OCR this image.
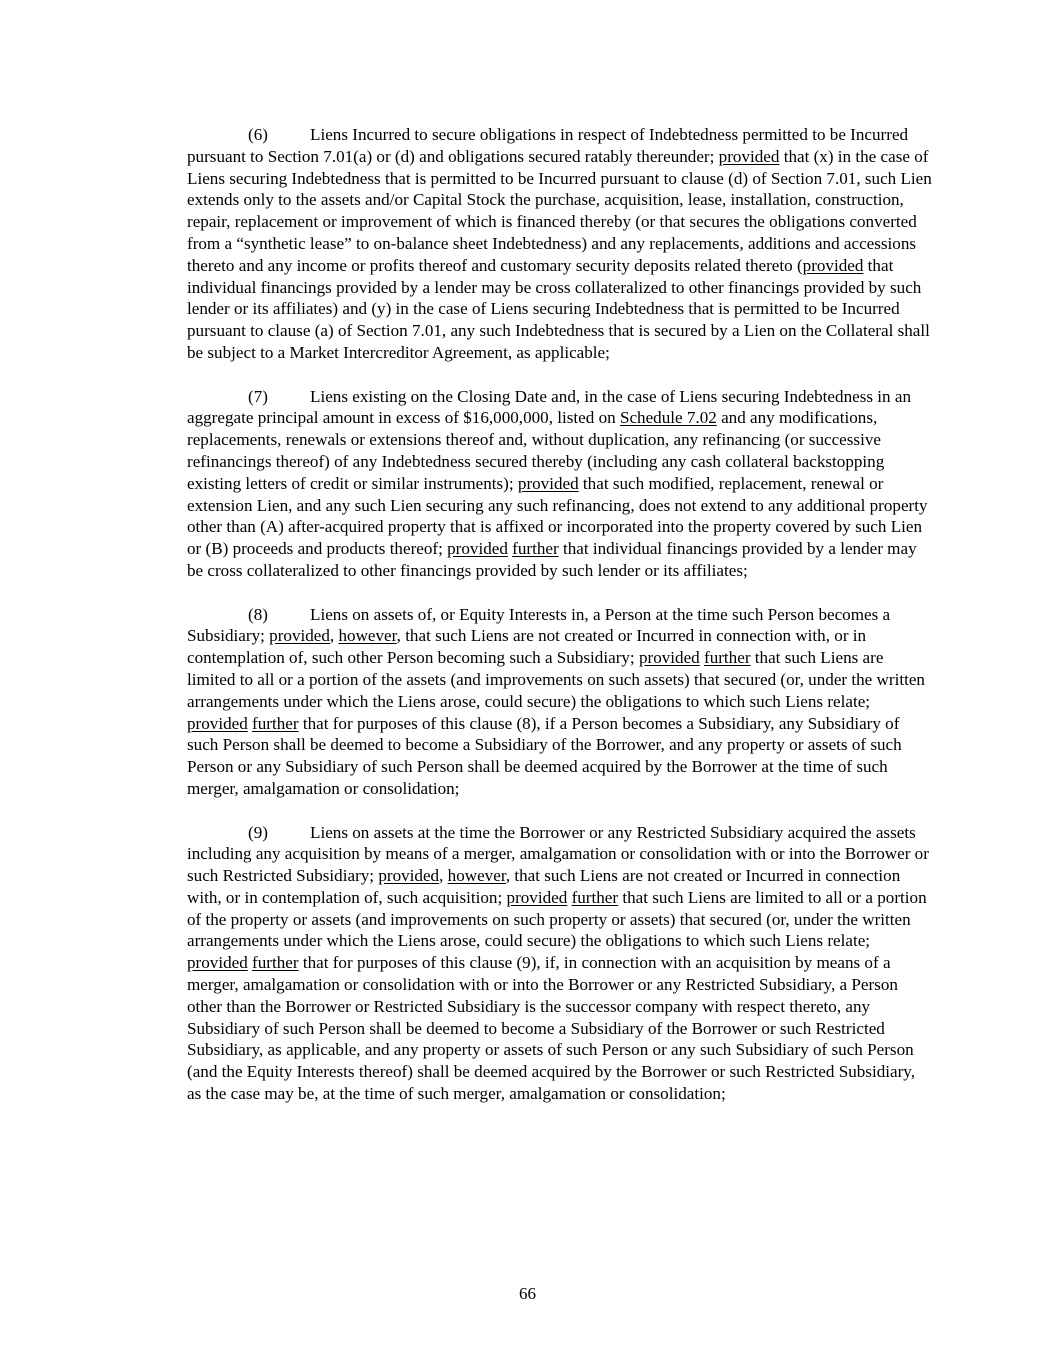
(6) Liens Incurred to secure obligations in respect of Indebtedness permitted to be Incurred pursuant to Section 7.01(a) or (d) and obligations secured ratably thereunder; provided that (x) in the case of Liens securing Indebtedness that is permitted to be Incurred pursuant to clause (d) of Section 7.01, such Lien extends only to the assets and/or Capital Stock the purchase, acquisition, lease, installation, construction, repair, replacement or improvement of which is financed thereby (or that secures the obligations converted from a “synthetic lease” to on-balance sheet Indebtedness) and any replacements, additions and accessions thereto and any income or profits thereof and customary security deposits related thereto (provided that individual financings provided by a lender may be cross collateralized to other financings provided by such lender or its affiliates) and (y) in the case of Liens securing Indebtedness that is permitted to be Incurred pursuant to clause (a) of Section 7.01, any such Indebtedness that is secured by a Lien on the Collateral shall be subject to a Market Intercreditor Agreement, as applicable;

(7) Liens existing on the Closing Date and, in the case of Liens securing Indebtedness in an aggregate principal amount in excess of $16,000,000, listed on Schedule 7.02 and any modifications, replacements, renewals or extensions thereof and, without duplication, any refinancing (or successive refinancings thereof) of any Indebtedness secured thereby (including any cash collateral backstopping existing letters of credit or similar instruments); provided that such modified, replacement, renewal or extension Lien, and any such Lien securing any such refinancing, does not extend to any additional property other than (A) after-acquired property that is affixed or incorporated into the property covered by such Lien or (B) proceeds and products thereof; provided further that individual financings provided by a lender may be cross collateralized to other financings provided by such lender or its affiliates;

(8) Liens on assets of, or Equity Interests in, a Person at the time such Person becomes a Subsidiary; provided, however, that such Liens are not created or Incurred in connection with, or in contemplation of, such other Person becoming such a Subsidiary; provided further that such Liens are limited to all or a portion of the assets (and improvements on such assets) that secured (or, under the written arrangements under which the Liens arose, could secure) the obligations to which such Liens relate; provided further that for purposes of this clause (8), if a Person becomes a Subsidiary, any Subsidiary of such Person shall be deemed to become a Subsidiary of the Borrower, and any property or assets of such Person or any Subsidiary of such Person shall be deemed acquired by the Borrower at the time of such merger, amalgamation or consolidation;

(9) Liens on assets at the time the Borrower or any Restricted Subsidiary acquired the assets including any acquisition by means of a merger, amalgamation or consolidation with or into the Borrower or such Restricted Subsidiary; provided, however, that such Liens are not created or Incurred in connection with, or in contemplation of, such acquisition; provided further that such Liens are limited to all or a portion of the property or assets (and improvements on such property or assets) that secured (or, under the written arrangements under which the Liens arose, could secure) the obligations to which such Liens relate; provided further that for purposes of this clause (9), if, in connection with an acquisition by means of a merger, amalgamation or consolidation with or into the Borrower or any Restricted Subsidiary, a Person other than the Borrower or Restricted Subsidiary is the successor company with respect thereto, any Subsidiary of such Person shall be deemed to become a Subsidiary of the Borrower or such Restricted Subsidiary, as applicable, and any property or assets of such Person or any such Subsidiary of such Person (and the Equity Interests thereof) shall be deemed acquired by the Borrower or such Restricted Subsidiary, as the case may be, at the time of such merger, amalgamation or consolidation;

66
